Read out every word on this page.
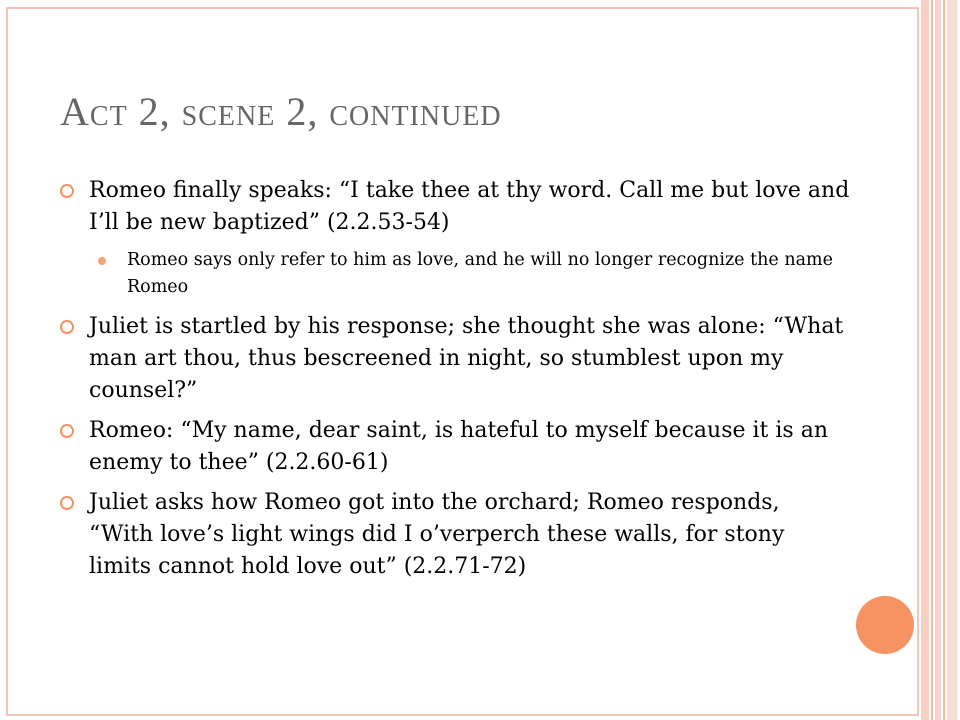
Act 2, scene 2, continued
Romeo finally speaks: “I take thee at thy word. Call me but love and I’ll be new baptized” (2.2.53-54)
Romeo says only refer to him as love, and he will no longer recognize the name Romeo
Juliet is startled by his response; she thought she was alone: “What man art thou, thus bescreened in night, so stumblest upon my counsel?”
Romeo: “My name, dear saint, is hateful to myself because it is an enemy to thee” (2.2.60-61)
Juliet asks how Romeo got into the orchard; Romeo responds, “With love’s light wings did I o’verperch these walls, for stony limits cannot hold love out” (2.2.71-72)
